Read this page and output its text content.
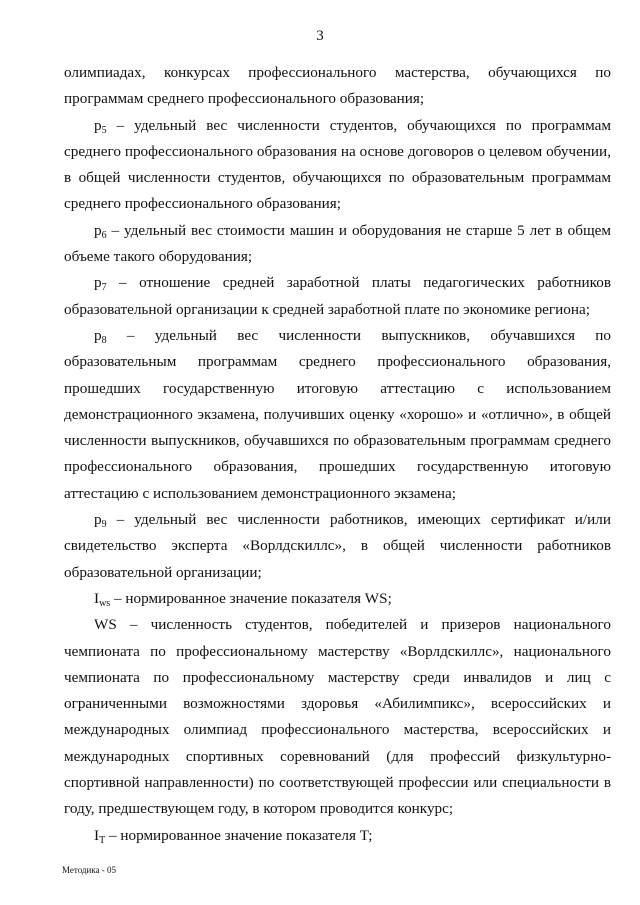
3

олимпиадах, конкурсах профессионального мастерства, обучающихся по программам среднего профессионального образования;

$p_5$ – удельный вес численности студентов, обучающихся по программам среднего профессионального образования на основе договоров о целевом обучении, в общей численности студентов, обучающихся по образовательным программам среднего профессионального образования;

$p_6$ – удельный вес стоимости машин и оборудования не старше 5 лет в общем объеме такого оборудования;

$p_7$ – отношение средней заработной платы педагогических работников образовательной организации к средней заработной плате по экономике региона;

$p_8$ – удельный вес численности выпускников, обучавшихся по образовательным программам среднего профессионального образования, прошедших государственную итоговую аттестацию с использованием демонстрационного экзамена, получивших оценку «хорошо» и «отлично», в общей численности выпускников, обучавшихся по образовательным программам среднего профессионального образования, прошедших государственную итоговую аттестацию с использованием демонстрационного экзамена;

$p_9$ – удельный вес численности работников, имеющих сертификат и/или свидетельство эксперта «Ворлдскиллс», в общей численности работников образовательной организации;

$I_{ws}$ – нормированное значение показателя WS;

WS – численность студентов, победителей и призеров национального чемпионата по профессиональному мастерству «Ворлдскиллс», национального чемпионата по профессиональному мастерству среди инвалидов и лиц с ограниченными возможностями здоровья «Абилимпикс», всероссийских и международных олимпиад профессионального мастерства, всероссийских и международных спортивных соревнований (для профессий физкультурно-спортивной направленности) по соответствующей профессии или специальности в году, предшествующем году, в котором проводится конкурс;

$I_T$ – нормированное значение показателя T;

Методика - 05
